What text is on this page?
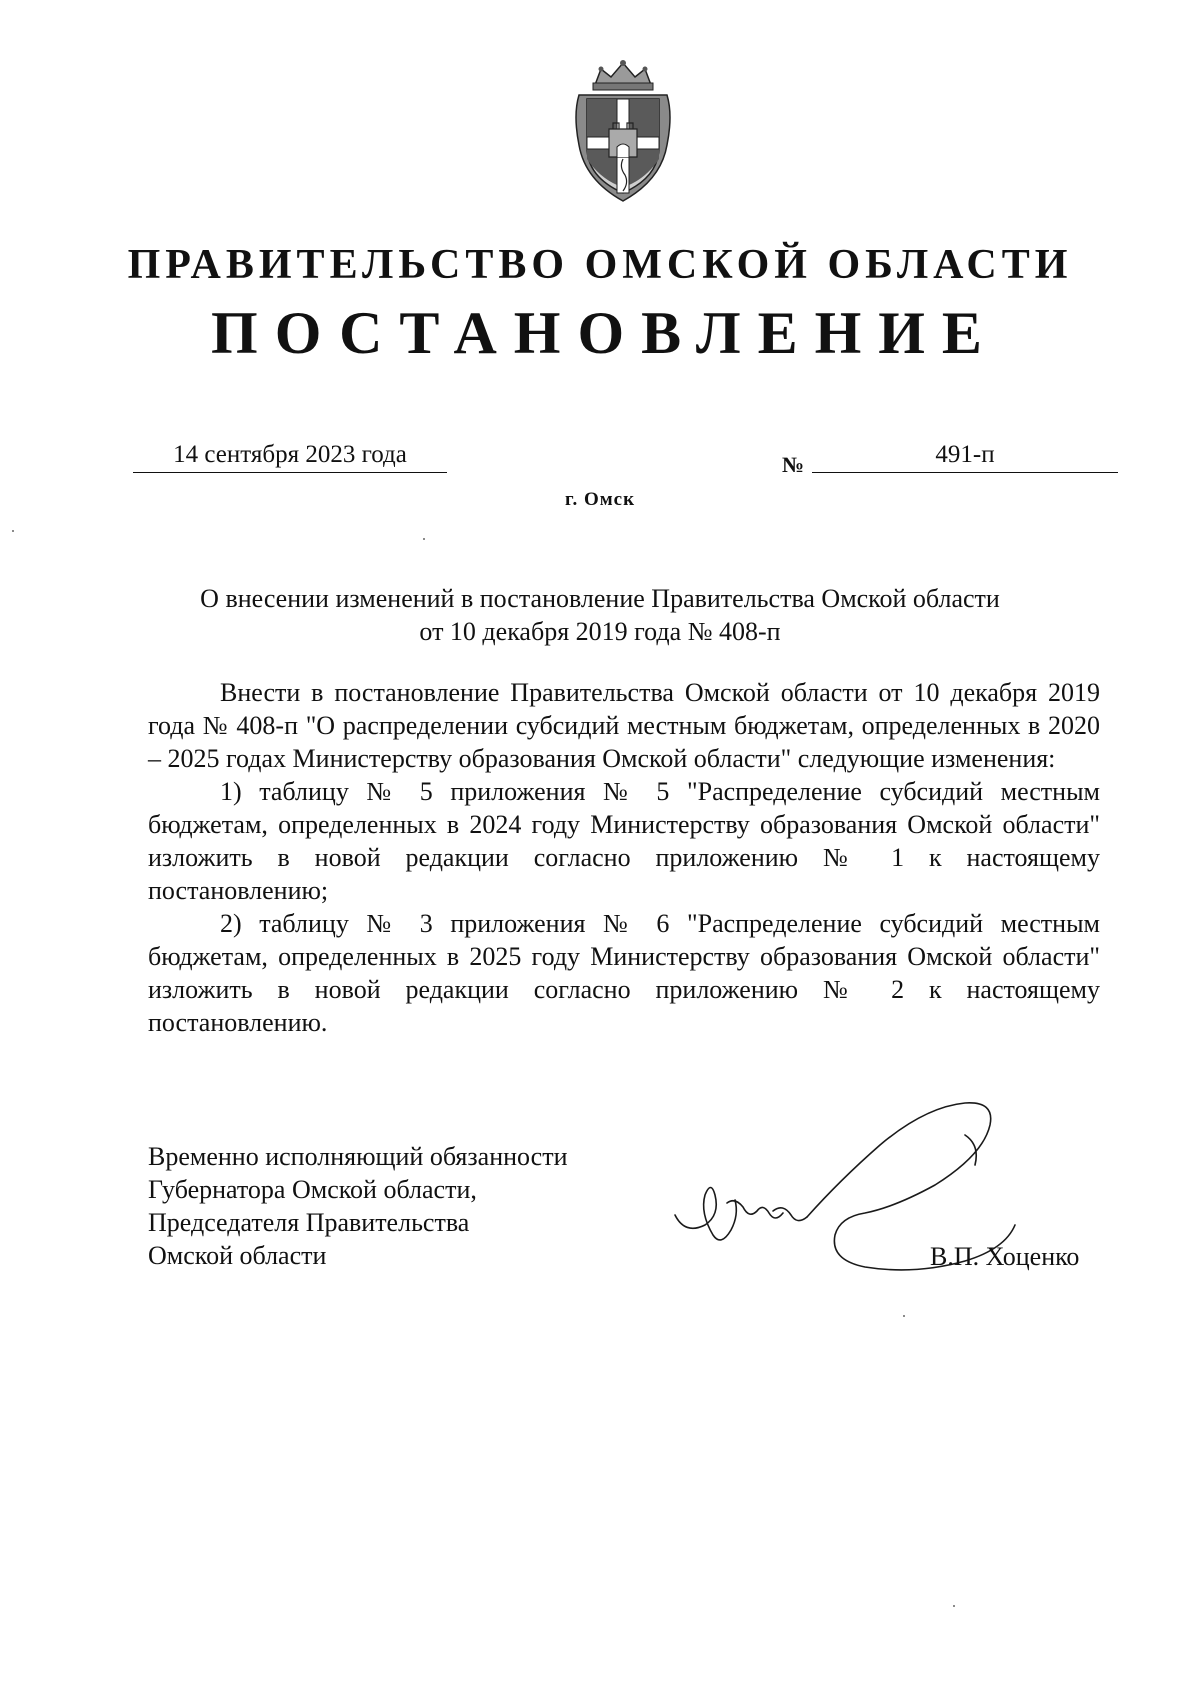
ПРАВИТЕЛЬСТВО ОМСКОЙ ОБЛАСТИ
ПОСТАНОВЛЕНИЕ
14 сентября 2023 года	№	491-п
г. Омск
О внесении изменений в постановление Правительства Омской области
от 10 декабря 2019 года № 408-п

Внести в постановление Правительства Омской области от 10 декабря 2019 года № 408-п "О распределении субсидий местным бюджетам, определенных в 2020 – 2025 годах Министерству образования Омской области" следующие изменения:

1) таблицу № 5 приложения № 5 "Распределение субсидий местным бюджетам, определенных в 2024 году Министерству образования Омской области" изложить в новой редакции согласно приложению № 1 к настоящему постановлению;

2) таблицу № 3 приложения № 6 "Распределение субсидий местным бюджетам, определенных в 2025 году Министерству образования Омской области" изложить в новой редакции согласно приложению № 2 к настоящему постановлению.

Временно исполняющий обязанности
Губернатора Омской области,
Председателя Правительства
Омской области	В.П. Хоценко
